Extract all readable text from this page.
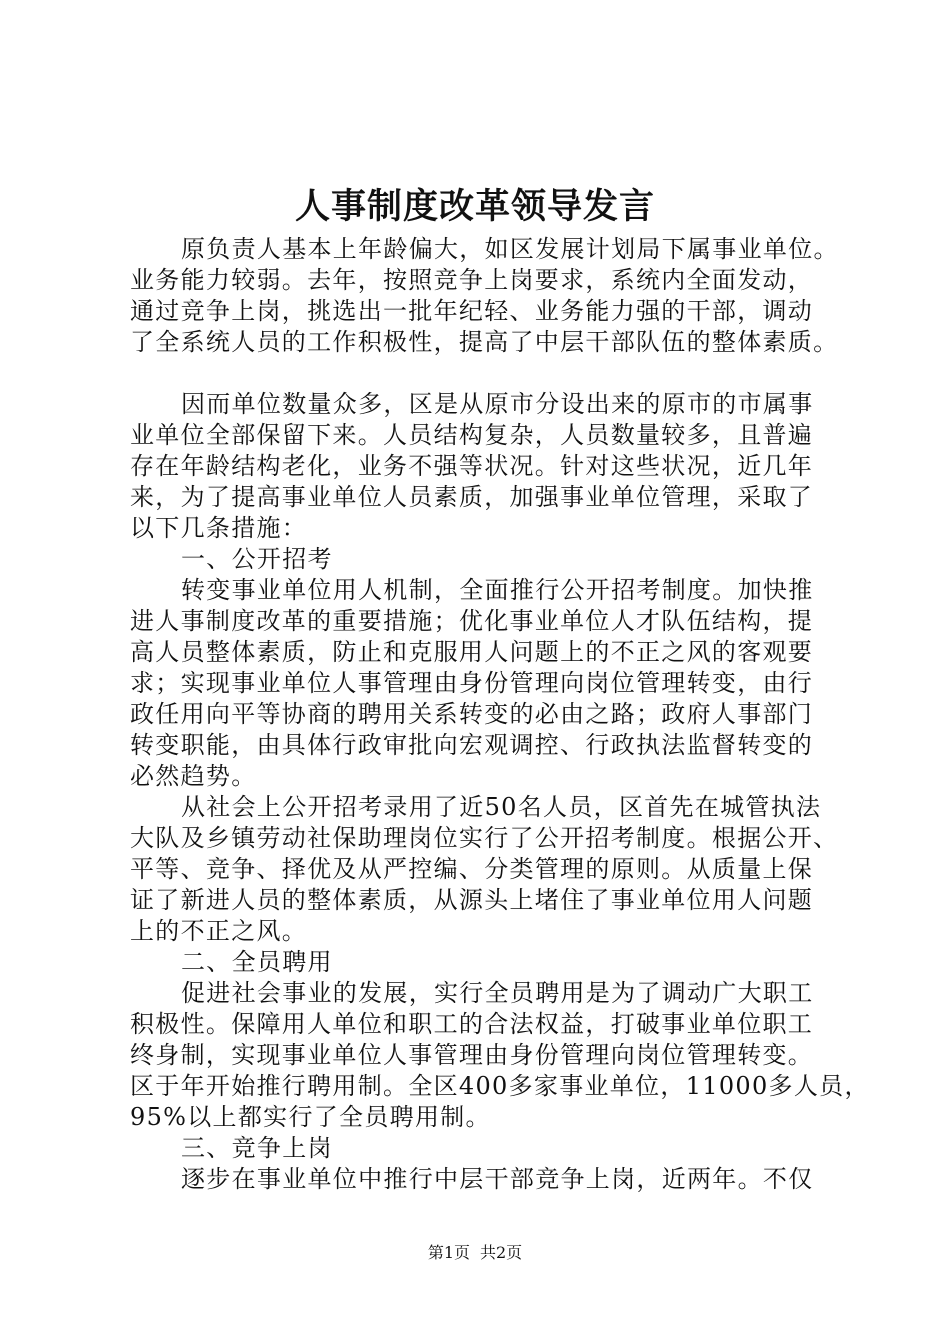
人事制度改革领导发言
原负责人基本上年龄偏大，如区发展计划局下属事业单位。
业务能力较弱。去年，按照竞争上岗要求，系统内全面发动，
通过竞争上岗，挑选出一批年纪轻、业务能力强的干部，调动
了全系统人员的工作积极性，提高了中层干部队伍的整体素质。
因而单位数量众多，区是从原市分设出来的原市的市属事
业单位全部保留下来。人员结构复杂，人员数量较多，且普遍
存在年龄结构老化，业务不强等状况。针对这些状况，近几年
来，为了提高事业单位人员素质，加强事业单位管理，采取了
以下几条措施：
一、公开招考
转变事业单位用人机制，全面推行公开招考制度。加快推
进人事制度改革的重要措施；优化事业单位人才队伍结构，提
高人员整体素质，防止和克服用人问题上的不正之风的客观要
求；实现事业单位人事管理由身份管理向岗位管理转变，由行
政任用向平等协商的聘用关系转变的必由之路；政府人事部门
转变职能，由具体行政审批向宏观调控、行政执法监督转变的
必然趋势。
从社会上公开招考录用了近50名人员，区首先在城管执法
大队及乡镇劳动社保助理岗位实行了公开招考制度。根据公开、
平等、竞争、择优及从严控编、分类管理的原则。从质量上保
证了新进人员的整体素质，从源头上堵住了事业单位用人问题
上的不正之风。
二、全员聘用
促进社会事业的发展，实行全员聘用是为了调动广大职工
积极性。保障用人单位和职工的合法权益，打破事业单位职工
终身制，实现事业单位人事管理由身份管理向岗位管理转变。
区于年开始推行聘用制。全区400多家事业单位，11000多人员，
95%以上都实行了全员聘用制。
三、竞争上岗
逐步在事业单位中推行中层干部竞争上岗，近两年。不仅
第1页 共2页
